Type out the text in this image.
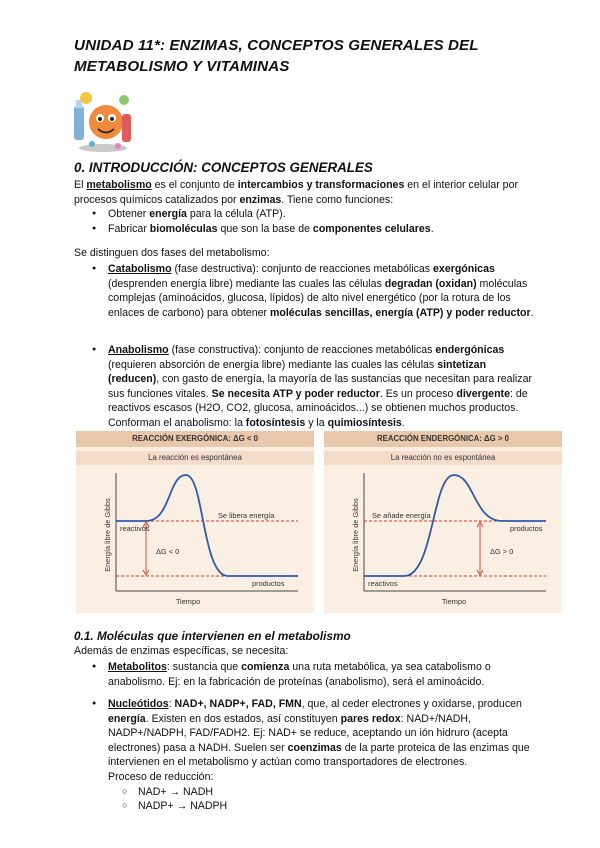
UNIDAD 11*: ENZIMAS, CONCEPTOS GENERALES DEL METABOLISMO Y VITAMINAS
0. INTRODUCCIÓN: CONCEPTOS GENERALES

El metabolismo es el conjunto de intercambios y transformaciones en el interior celular por procesos químicos catalizados por enzimas. Tiene como funciones:

● Obtener energía para la célula (ATP).
● Fabricar biomoléculas que son la base de componentes celulares.

Se distinguen dos fases del metabolismo:

● Catabolismo (fase destructiva): conjunto de reacciones metabólicas exergónicas (desprenden energía libre) mediante las cuales las células degradan (oxidan) moléculas complejas (aminoácidos, glucosa, lípidos) de alto nivel energético (por la rotura de los enlaces de carbono) para obtener moléculas sencillas, energía (ATP) y poder reductor.
● Anabolismo (fase constructiva): conjunto de reacciones metabólicas endergónicas (requieren absorción de energía libre) mediante las cuales las células sintetizan (reducen), con gasto de energía, la mayoría de las sustancias que necesitan para realizar sus funciones vitales. Se necesita ATP y poder reductor. Es un proceso divergente: de reactivos escasos (H2O, CO2, glucosa, aminoácidos...) se obtienen muchos productos. Conforman el anabolismo: la fotosíntesis y la quimiosíntesis.
REACCIÓN EXERGÓNICA: ΔG < 0
La reacción es espontánea
ΔG < 0
reactivos
productos
Se libera energía
Tiempo
Energía libre de Gibbs
REACCIÓN ENDERGÓNICA: ΔG > 0
La reacción no es espontánea
ΔG > 0
reactivos
productos
Se añade energía
Tiempo
Energía libre de Gibbs
0.1. Moléculas que intervienen en el metabolismo

Además de enzimas específicas, se necesita:

● Metabolitos: sustancia que comienza una ruta metabólica, ya sea catabolismo o anabolismo. Ej: en la fabricación de proteínas (anabolismo), será el aminoácido.
● Nucleótidos: NAD+, NADP+, FAD, FMN, que, al ceder electrones y oxidarse, producen energía. Existen en dos estados, así constituyen pares redox: NAD+/NADH, NADP+/NADPH, FAD/FADH2. Ej: NAD+ se reduce, aceptando un ión hidruro (acepta electrones) pasa a NADH. Suelen ser coenzimas de la parte proteica de las enzimas que intervienen en el metabolismo y actúan como transportadores de electrones.
Proceso de reducción:
○ NAD+ → NADH
○ NADP+ → NADPH
